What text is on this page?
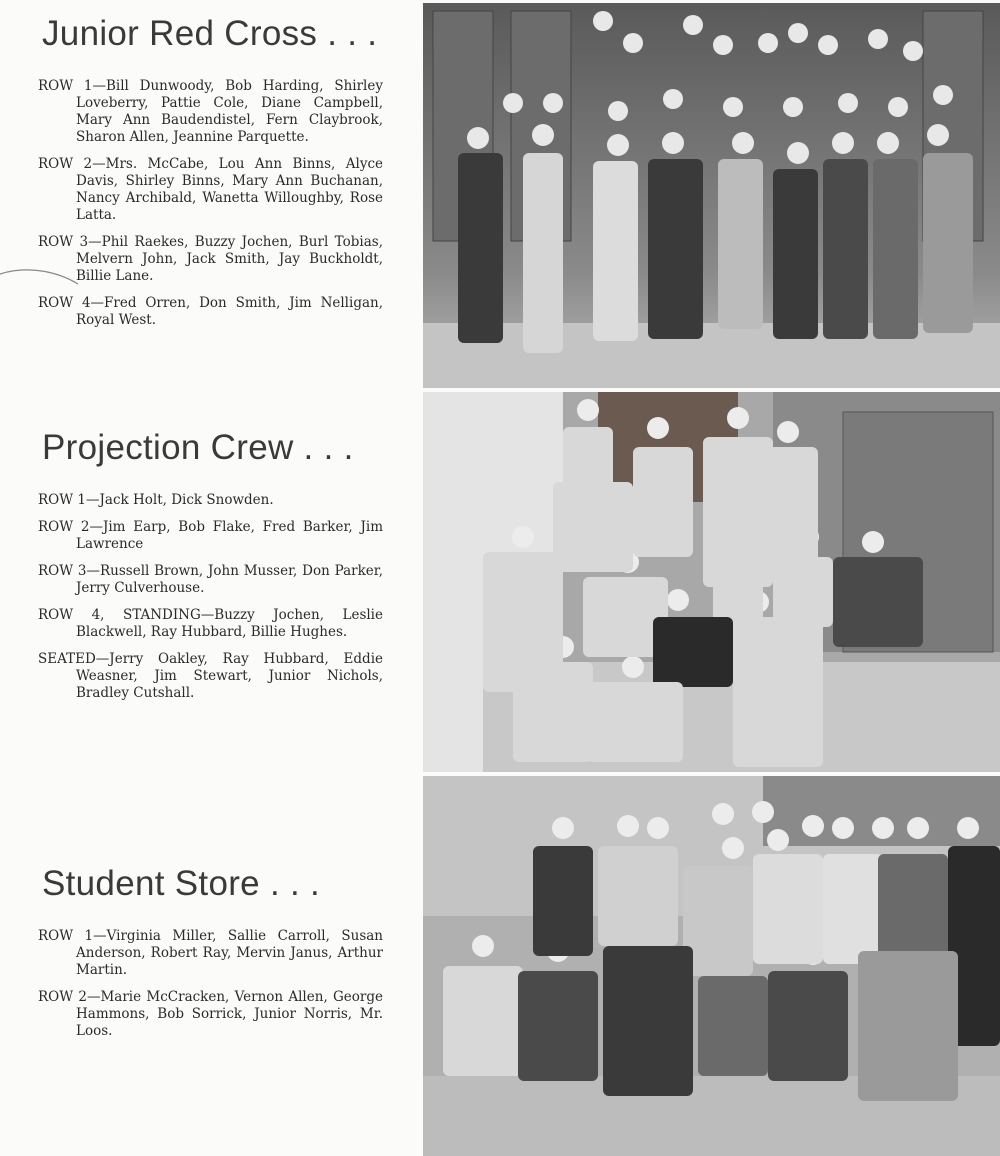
Junior Red Cross . . .

ROW 1—Bill Dunwoody, Bob Harding, Shirley Loveberry, Pattie Cole, Diane Campbell, Mary Ann Baudendistel, Fern Claybrook, Sharon Allen, Jeannine Parquette.

ROW 2—Mrs. McCabe, Lou Ann Binns, Alyce Davis, Shirley Binns, Mary Ann Buchanan, Nancy Archibald, Wanetta Willoughby, Rose Latta.

ROW 3—Phil Raekes, Buzzy Jochen, Burl Tobias, Melvern John, Jack Smith, Jay Buckholdt, Billie Lane.

ROW 4—Fred Orren, Don Smith, Jim Nelligan, Royal West.

Projection Crew . . .

ROW 1—Jack Holt, Dick Snowden.

ROW 2—Jim Earp, Bob Flake, Fred Barker, Jim Lawrence

ROW 3—Russell Brown, John Musser, Don Parker, Jerry Culverhouse.

ROW 4, STANDING—Buzzy Jochen, Leslie Blackwell, Ray Hubbard, Billie Hughes.

SEATED—Jerry Oakley, Ray Hubbard, Eddie Weasner, Jim Stewart, Junior Nichols, Bradley Cutshall.

Student Store . . .

ROW 1—Virginia Miller, Sallie Carroll, Susan Anderson, Robert Ray, Mervin Janus, Arthur Martin.

ROW 2—Marie McCracken, Vernon Allen, George Hammons, Bob Sorrick, Junior Norris, Mr. Loos.
